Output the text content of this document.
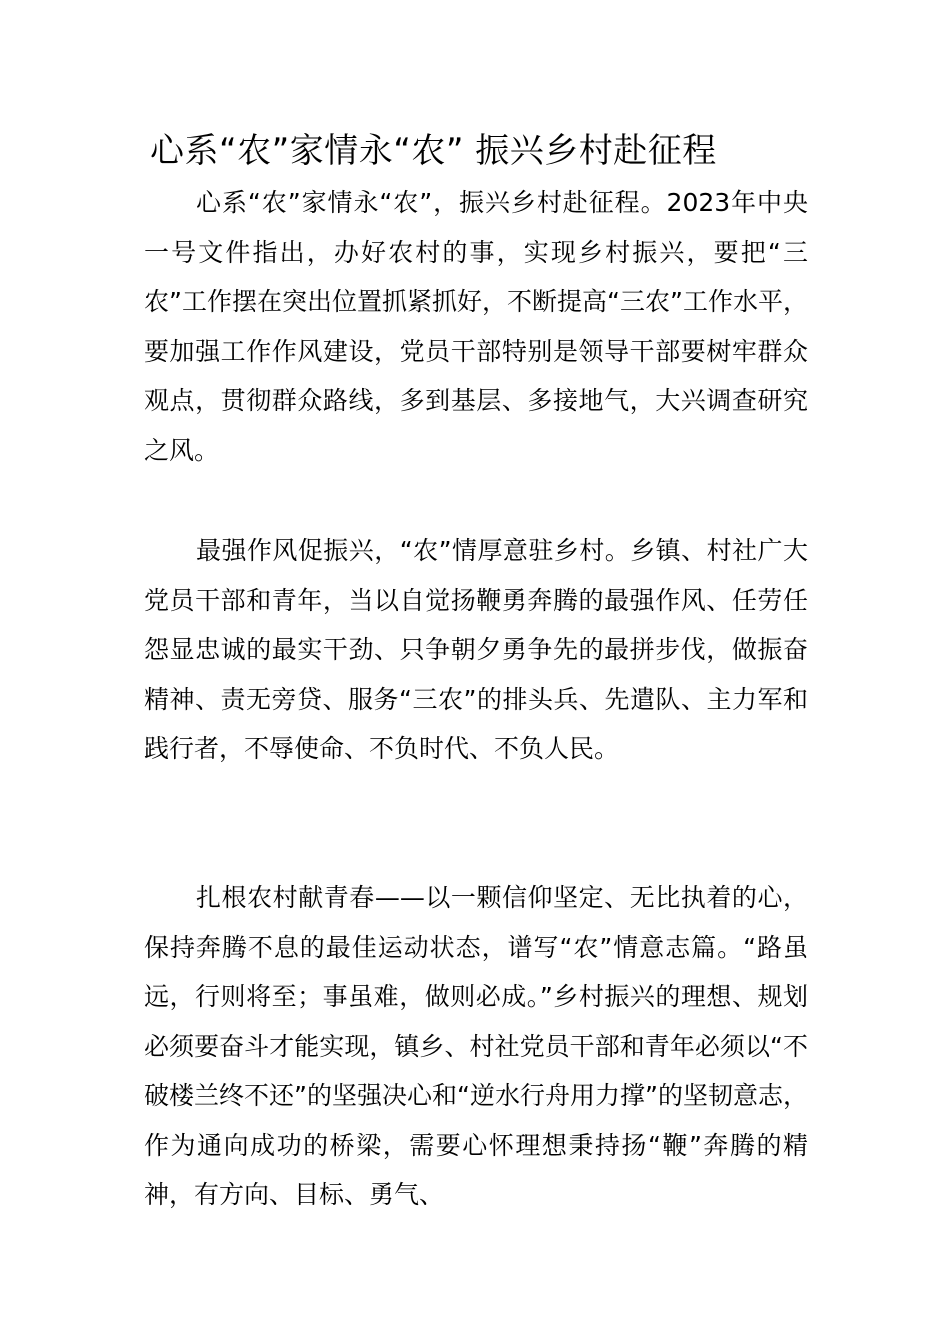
心系“农”家情永“农” 振兴乡村赴征程

心系“农”家情永“农”，振兴乡村赴征程。2023年中央一号文件指出，办好农村的事，实现乡村振兴，要把“三农”工作摆在突出位置抓紧抓好，不断提高“三农”工作水平，要加强工作作风建设，党员干部特别是领导干部要树牢群众观点，贯彻群众路线，多到基层、多接地气，大兴调查研究之风。

最强作风促振兴，“农”情厚意驻乡村。乡镇、村社广大党员干部和青年，当以自觉扬鞭勇奔腾的最强作风、任劳任怨显忠诚的最实干劲、只争朝夕勇争先的最拼步伐，做振奋精神、责无旁贷、服务“三农”的排头兵、先遣队、主力军和践行者，不辱使命、不负时代、不负人民。

扎根农村献青春——以一颗信仰坚定、无比执着的心，保持奔腾不息的最佳运动状态，谱写“农”情意志篇。“路虽远，行则将至；事虽难，做则必成。”乡村振兴的理想、规划必须要奋斗才能实现，镇乡、村社党员干部和青年必须以“不破楼兰终不还”的坚强决心和“逆水行舟用力撑”的坚韧意志，作为通向成功的桥梁，需要心怀理想秉持扬“鞭”奔腾的精神，有方向、目标、勇气、
